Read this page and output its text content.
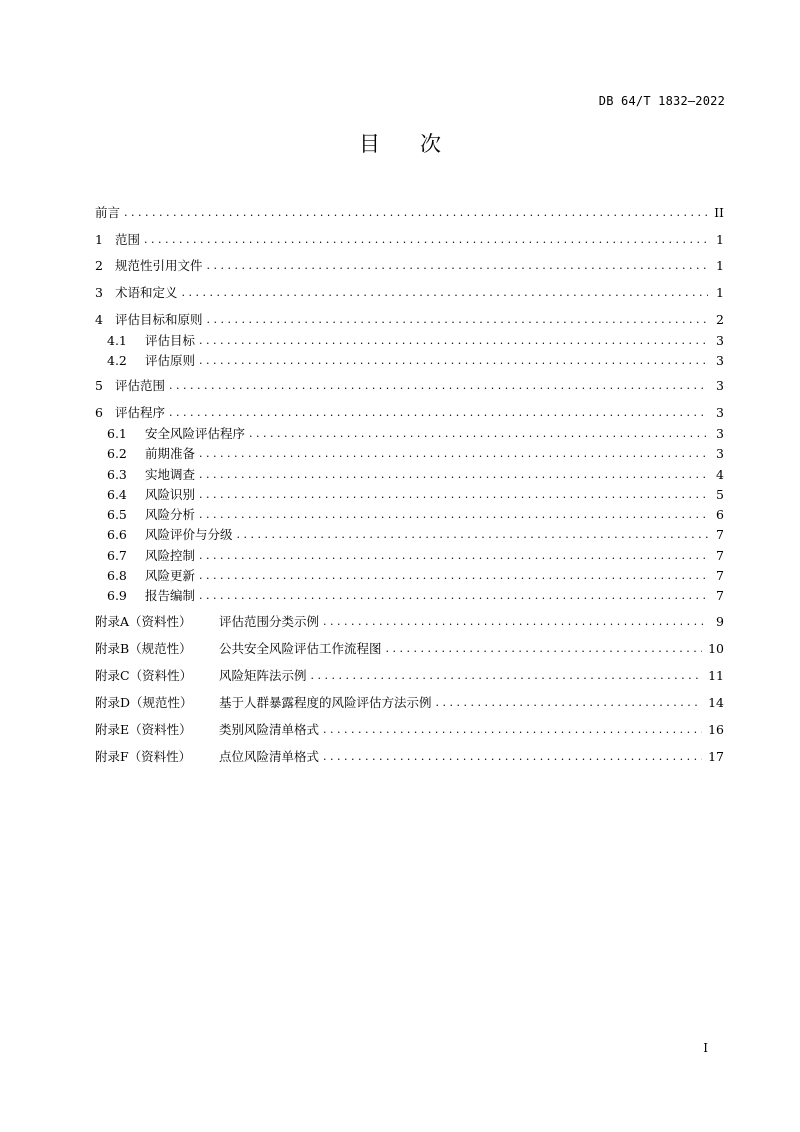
DB 64/T 1832—2022
目 次
前言 . . .	II
1 范围 . . .	1
2 规范性引用文件 . . .	1
3 术语和定义 . . .	1
4 评估目标和原则 . . .	2
4.1	评估目标 . . .	3
4.2	评估原则 . . .	3
5 评估范围 . . .	3
6 评估程序 . . .	3
6.1	安全风险评估程序 . . .	3
6.2	前期准备 . . .	3
6.3	实地调查 . . .	4
6.4	风险识别 . . .	5
6.5	风险分析 . . .	6
6.6	风险评价与分级 . . .	7
6.7	风险控制 . . .	7
6.8	风险更新 . . .	7
6.9	报告编制 . . .	7
附录A（资料性）	评估范围分类示例 . . .	9
附录B（规范性）	公共安全风险评估工作流程图 . . .	10
附录C（资料性）	风险矩阵法示例 . . .	11
附录D（规范性）	基于人群暴露程度的风险评估方法示例 . . .	14
附录E（资料性）	类别风险清单格式 . . .	16
附录F（资料性）	点位风险清单格式 . . .	17
I
